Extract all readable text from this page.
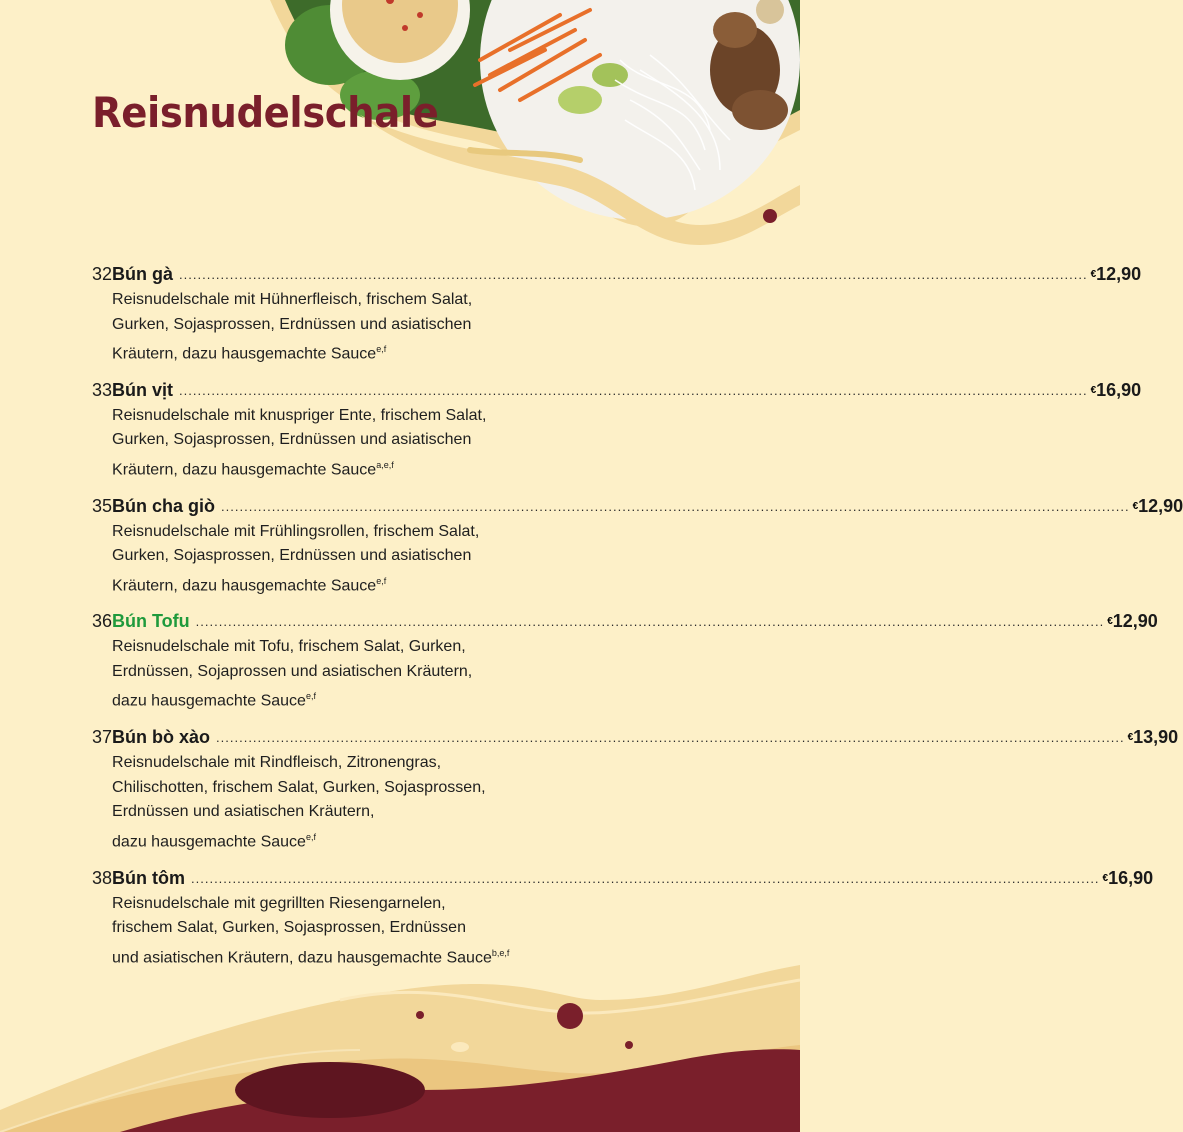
Reisnudelschale
32 Bún gà .....	€12,90
Reisnudelschale mit Hühnerfleisch, frischem Salat,
Gurken, Sojasprossen, Erdnüssen und asiatischen
Kräutern, dazu hausgemachte Sauce$^{e,f}$
33 Bún vịt .....	€16,90
Reisnudelschale mit knuspriger Ente, frischem Salat,
Gurken, Sojasprossen, Erdnüssen und asiatischen
Kräutern, dazu hausgemachte Sauce$^{a,e,f}$
35 Bún cha giò .....	€12,90
Reisnudelschale mit Frühlingsrollen, frischem Salat,
Gurken, Sojasprossen, Erdnüssen und asiatischen
Kräutern, dazu hausgemachte Sauce$^{e,f}$
36 Bún Tofu .....	€12,90
Reisnudelschale mit Tofu, frischem Salat, Gurken,
Erdnüssen, Sojaprossen und asiatischen Kräutern,
dazu hausgemachte Sauce$^{e,f}$
37 Bún bò xào .....	€13,90
Reisnudelschale mit Rindfleisch, Zitronengras,
Chilischotten, frischem Salat, Gurken, Sojasprossen,
Erdnüssen und asiatischen Kräutern,
dazu hausgemachte Sauce$^{e,f}$
38 Bún tôm .....	€16,90
Reisnudelschale mit gegrillten Riesengarnelen,
frischem Salat, Gurken, Sojasprossen, Erdnüssen
und asiatischen Kräutern, dazu hausgemachte Sauce$^{b,e,f}$
